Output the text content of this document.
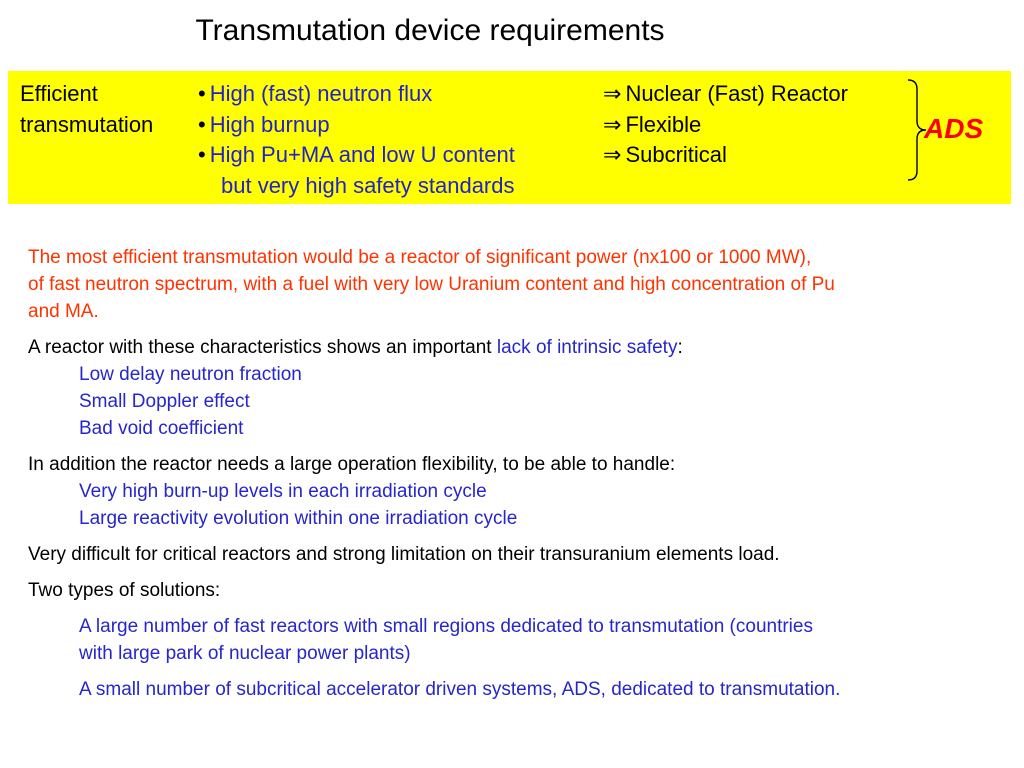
Transmutation device requirements
Efficient
transmutation
• High (fast) neutron flux
• High burnup
• High Pu+MA and low U content
but very high safety standards
⇒ Nuclear (Fast) Reactor
⇒ Flexible
⇒ Subcritical
ADS
The most efficient transmutation would be a reactor of significant power (nx100 or 1000 MW),
of fast neutron spectrum, with a fuel with very low Uranium content and high concentration of Pu
and MA.
A reactor with these characteristics shows an important lack of intrinsic safety:
Low delay neutron fraction
Small Doppler effect
Bad void coefficient
In addition the reactor needs a large operation flexibility, to be able to handle:
Very high burn-up levels in each irradiation cycle
Large reactivity evolution within one irradiation cycle
Very difficult for critical reactors and strong limitation on their transuranium elements load.
Two types of solutions:
A large number of fast reactors with small regions dedicated to transmutation (countries
with large park of nuclear power plants)
A small number of subcritical accelerator driven systems, ADS, dedicated to transmutation.
